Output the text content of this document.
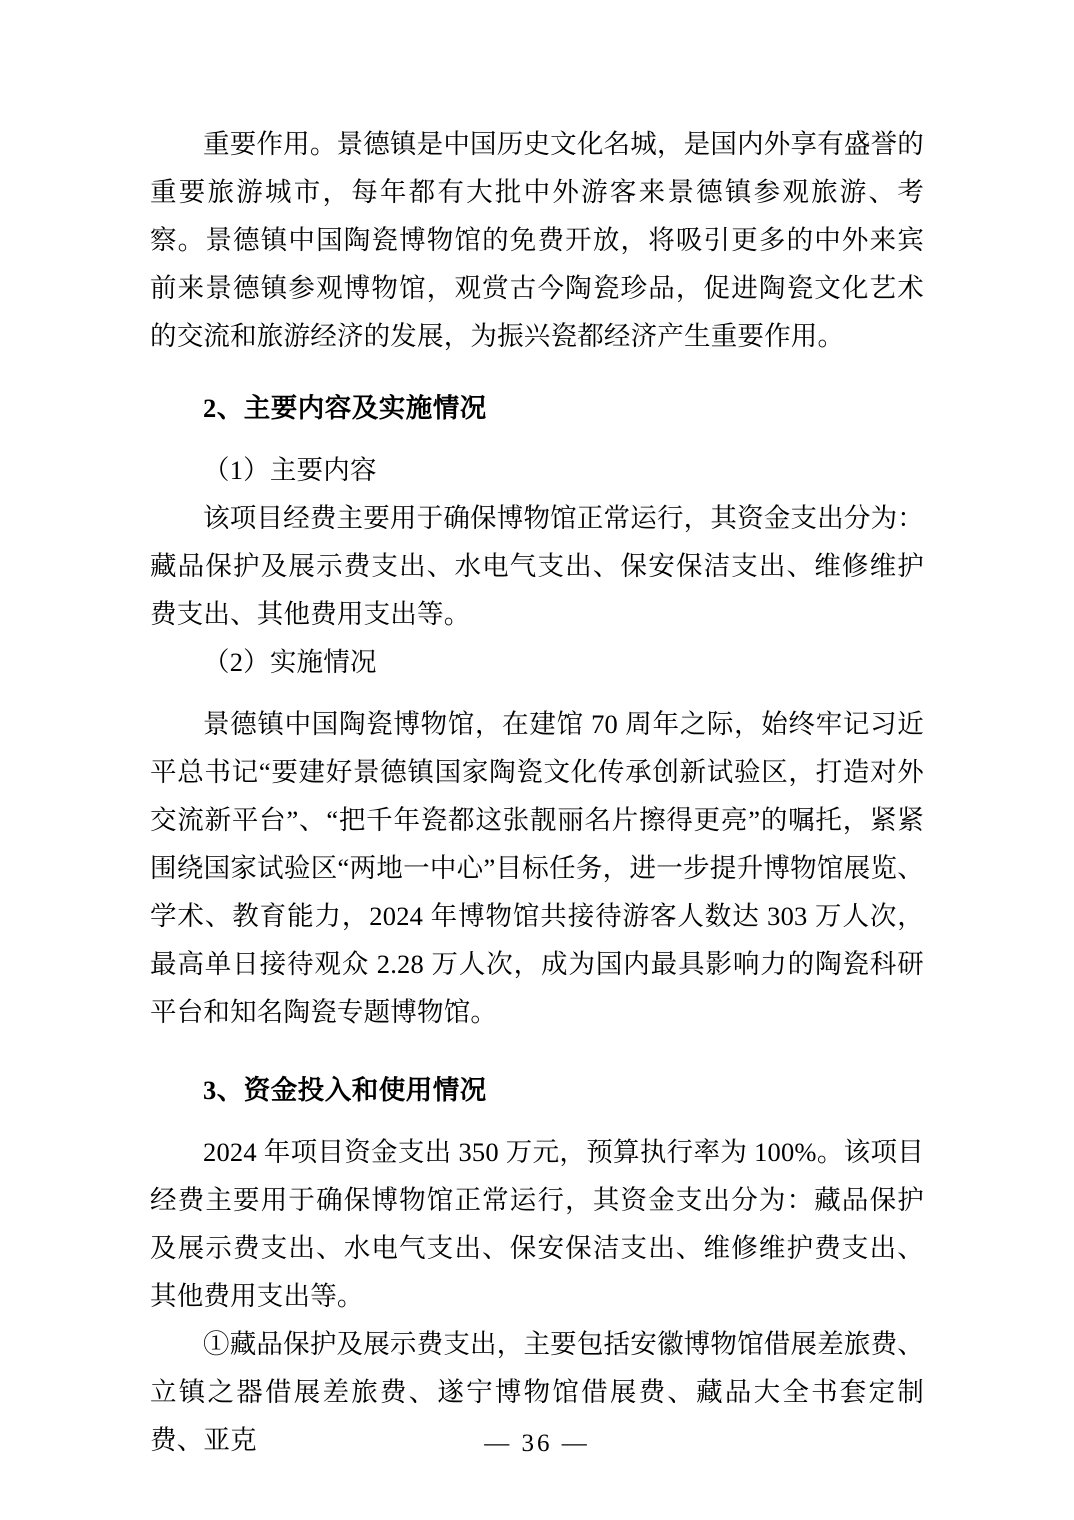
重要作用。景德镇是中国历史文化名城，是国内外享有盛誉的重要旅游城市，每年都有大批中外游客来景德镇参观旅游、考察。景德镇中国陶瓷博物馆的免费开放，将吸引更多的中外来宾前来景德镇参观博物馆，观赏古今陶瓷珍品，促进陶瓷文化艺术的交流和旅游经济的发展，为振兴瓷都经济产生重要作用。

2、主要内容及实施情况

（1）主要内容

该项目经费主要用于确保博物馆正常运行，其资金支出分为：藏品保护及展示费支出、水电气支出、保安保洁支出、维修维护费支出、其他费用支出等。

（2）实施情况

景德镇中国陶瓷博物馆，在建馆 70 周年之际，始终牢记习近平总书记“要建好景德镇国家陶瓷文化传承创新试验区，打造对外交流新平台”、“把千年瓷都这张靓丽名片擦得更亮”的嘱托，紧紧围绕国家试验区“两地一中心”目标任务，进一步提升博物馆展览、学术、教育能力，2024 年博物馆共接待游客人数达 303 万人次，最高单日接待观众 2.28 万人次，成为国内最具影响力的陶瓷科研平台和知名陶瓷专题博物馆。

3、资金投入和使用情况

2024 年项目资金支出 350 万元，预算执行率为 100%。该项目经费主要用于确保博物馆正常运行，其资金支出分为：藏品保护及展示费支出、水电气支出、保安保洁支出、维修维护费支出、其他费用支出等。

①藏品保护及展示费支出，主要包括安徽博物馆借展差旅费、立镇之器借展差旅费、遂宁博物馆借展费、藏品大全书套定制费、亚克	— 36 —
